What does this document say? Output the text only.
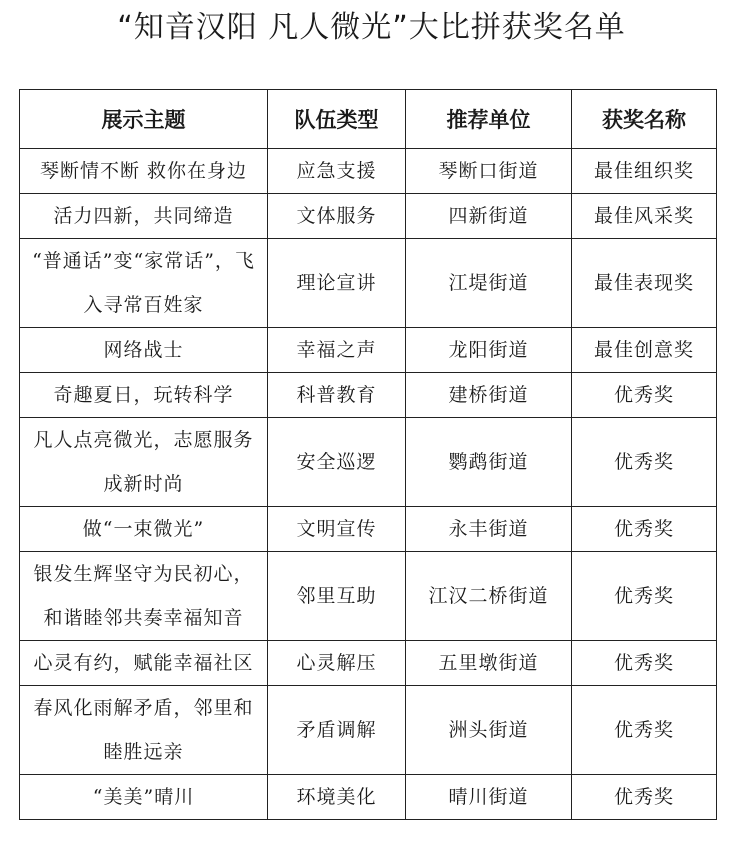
“知音汉阳 凡人微光”大比拼获奖名单
展示主题	队伍类型	推荐单位	获奖名称
琴断情不断 救你在身边	应急支援	琴断口街道	最佳组织奖
活力四新，共同缔造	文体服务	四新街道	最佳风采奖
“普通话”变“家常话”，飞入寻常百姓家	理论宣讲	江堤街道	最佳表现奖
网络战士	幸福之声	龙阳街道	最佳创意奖
奇趣夏日，玩转科学	科普教育	建桥街道	优秀奖
凡人点亮微光，志愿服务成新时尚	安全巡逻	鹦鹉街道	优秀奖
做“一束微光”	文明宣传	永丰街道	优秀奖
银发生辉坚守为民初心，和谐睦邻共奏幸福知音	邻里互助	江汉二桥街道	优秀奖
心灵有约，赋能幸福社区	心灵解压	五里墩街道	优秀奖
春风化雨解矛盾，邻里和睦胜远亲	矛盾调解	洲头街道	优秀奖
“美美”晴川	环境美化	晴川街道	优秀奖
